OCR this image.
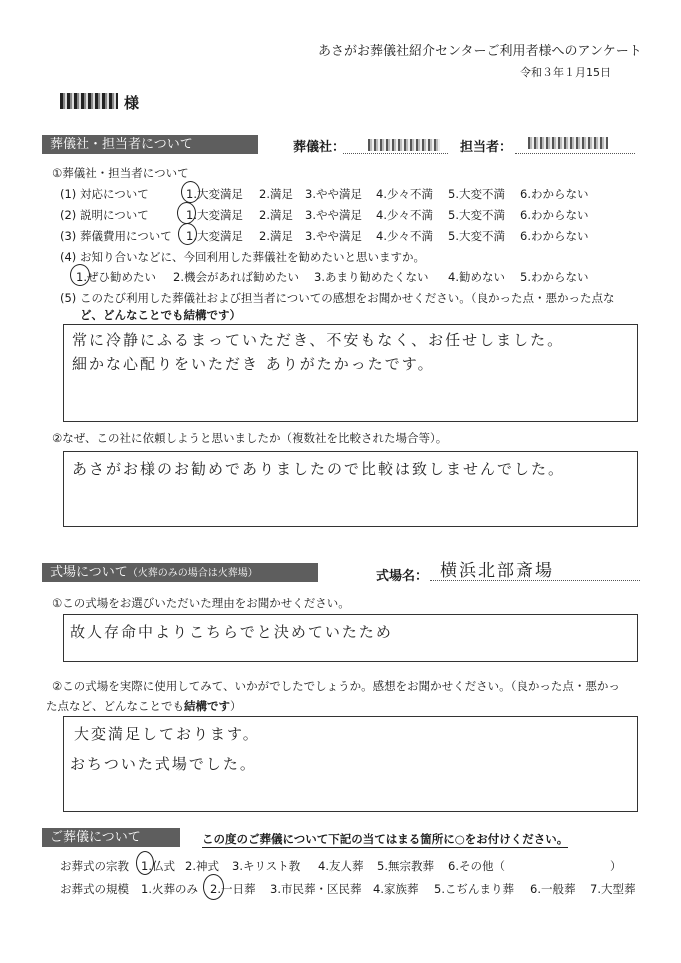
あさがお葬儀社紹介センターご利用者様へのアンケート
令和３年１月15日
様
葬儀社・担当者について	葬儀社：	担当者：
①葬儀社・担当者について
(1) 対応について	1.大変満足 2.満足 3.やや満足 4.少々不満 5.大変不満 6.わからない
(2) 説明について	1.大変満足 2.満足 3.やや満足 4.少々不満 5.大変不満 6.わからない
(3) 葬儀費用について 1.大変満足 2.満足 3.やや満足 4.少々不満 5.大変不満 6.わからない
(4) お知り合いなどに、今回利用した葬儀社を勧めたいと思いますか。
1.ぜひ勧めたい 2.機会があれば勧めたい 3.あまり勧めたくない 4.勧めない 5.わからない
(5) このたび利用した葬儀社および担当者についての感想をお聞かせください。（良かった点・悪かった点な
ど、どんなことでも結構です）
常に冷静にふるまっていただき、不安もなく、お任せしました。
細かな心配りをいただき ありがたかったです。
②なぜ、この社に依頼しようと思いましたか（複数社を比較された場合等）。
あさがお様のお勧めでありましたので比較は致しませんでした。
式場について（火葬のみの場合は火葬場）	式場名： 横浜北部斎場
①この式場をお選びいただいた理由をお聞かせください。
故人存命中よりこちらでと決めていたため
②この式場を実際に使用してみて、いかがでしたでしょうか。感想をお聞かせください。（良かった点・悪かっ
た点など、どんなことでも結構です）
大変満足しております。
おちついた式場でした。
ご葬儀について	この度のご葬儀について下記の当てはまる箇所に○をお付けください。
お葬式の宗教 1.仏式 2.神式 3.キリスト教 4.友人葬 5.無宗教葬 6.その他（	）
お葬式の規模 1.火葬のみ 2.一日葬 3.市民葬・区民葬 4.家族葬 5.こぢんまり葬 6.一般葬 7.大型葬
